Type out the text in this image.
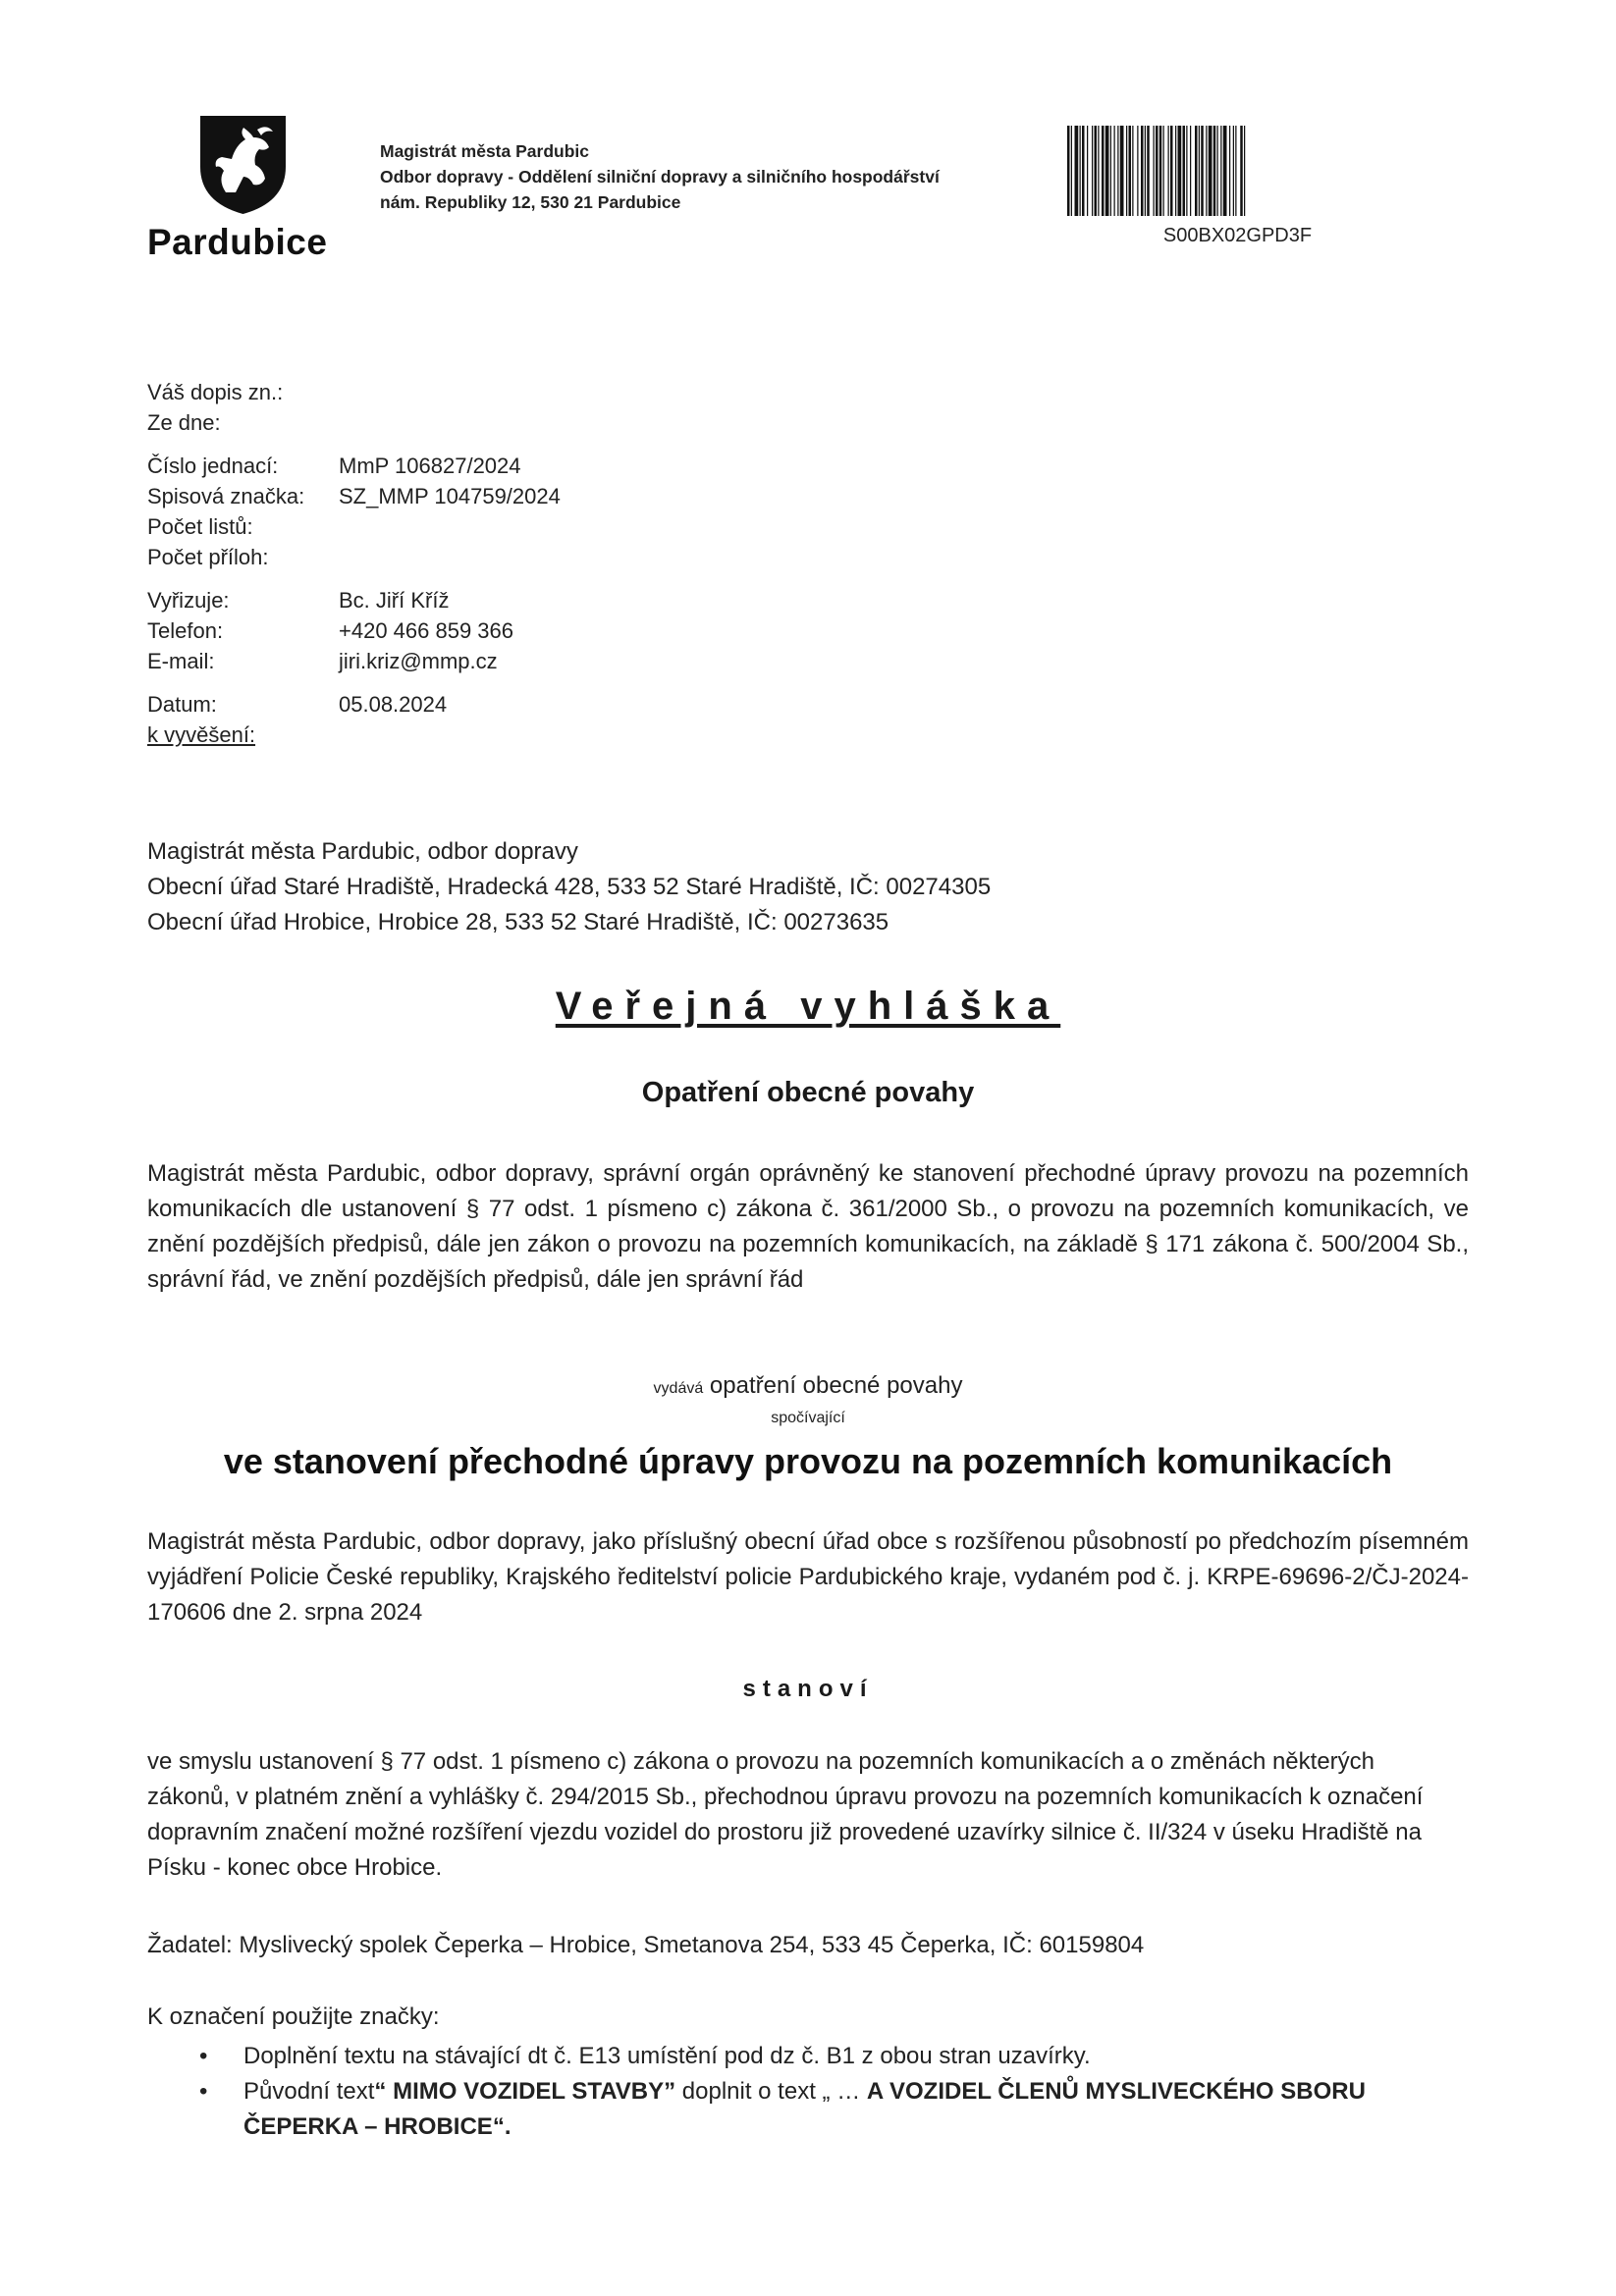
Pardubice
Magistrát města Pardubic
Odbor dopravy - Oddělení silniční dopravy a silničního hospodářství
nám. Republiky 12, 530 21 Pardubice
S00BX02GPD3F
Váš dopis zn.:
Ze dne:
Číslo jednací:	MmP 106827/2024
Spisová značka: SZ_MMP 104759/2024
Počet listů:
Počet příloh:
Vyřizuje:	Bc. Jiří Kříž
Telefon:	+420 466 859 366
E-mail:	jiri.kriz@mmp.cz
Datum:	05.08.2024
k vyvěšení:
Magistrát města Pardubic, odbor dopravy
Obecní úřad Staré Hradiště, Hradecká 428, 533 52 Staré Hradiště, IČ: 00274305
Obecní úřad Hrobice, Hrobice 28, 533 52 Staré Hradiště, IČ: 00273635
Veřejná vyhláška
Opatření obecné povahy
Magistrát města Pardubic, odbor dopravy, správní orgán oprávněný ke stanovení přechodné úpravy provozu na pozemních komunikacích dle ustanovení § 77 odst. 1 písmeno c) zákona č. 361/2000 Sb., o provozu na pozemních komunikacích, ve znění pozdějších předpisů, dále jen zákon o provozu na pozemních komunikacích, na základě § 171 zákona č. 500/2004 Sb., správní řád, ve znění pozdějších předpisů, dále jen správní řád
vydává opatření obecné povahy
spočívající
ve stanovení přechodné úpravy provozu na pozemních komunikacích
Magistrát města Pardubic, odbor dopravy, jako příslušný obecní úřad obce s rozšířenou působností po předchozím písemném vyjádření Policie České republiky, Krajského ředitelství policie Pardubického kraje, vydaném pod č. j. KRPE-69696-2/ČJ-2024-170606 dne 2. srpna 2024
stanoví
ve smyslu ustanovení § 77 odst. 1 písmeno c) zákona o provozu na pozemních komunikacích a o změnách některých zákonů, v platném znění a vyhlášky č. 294/2015 Sb., přechodnou úpravu provozu na pozemních komunikacích k označení dopravním značení možné rozšíření vjezdu vozidel do prostoru již provedené uzavírky silnice č. II/324 v úseku Hradiště na Písku - konec obce Hrobice.
Žadatel: Myslivecký spolek Čeperka – Hrobice, Smetanova 254, 533 45 Čeperka, IČ: 60159804
K označení použijte značky:
• Doplnění textu na stávající dt č. E13 umístění pod dz č. B1 z obou stran uzavírky.
• Původní text“ MIMO VOZIDEL STAVBY” doplnit o text „ … A VOZIDEL ČLENŮ MYSLIVECKÉHO SBORU ČEPERKA – HROBICE“.
